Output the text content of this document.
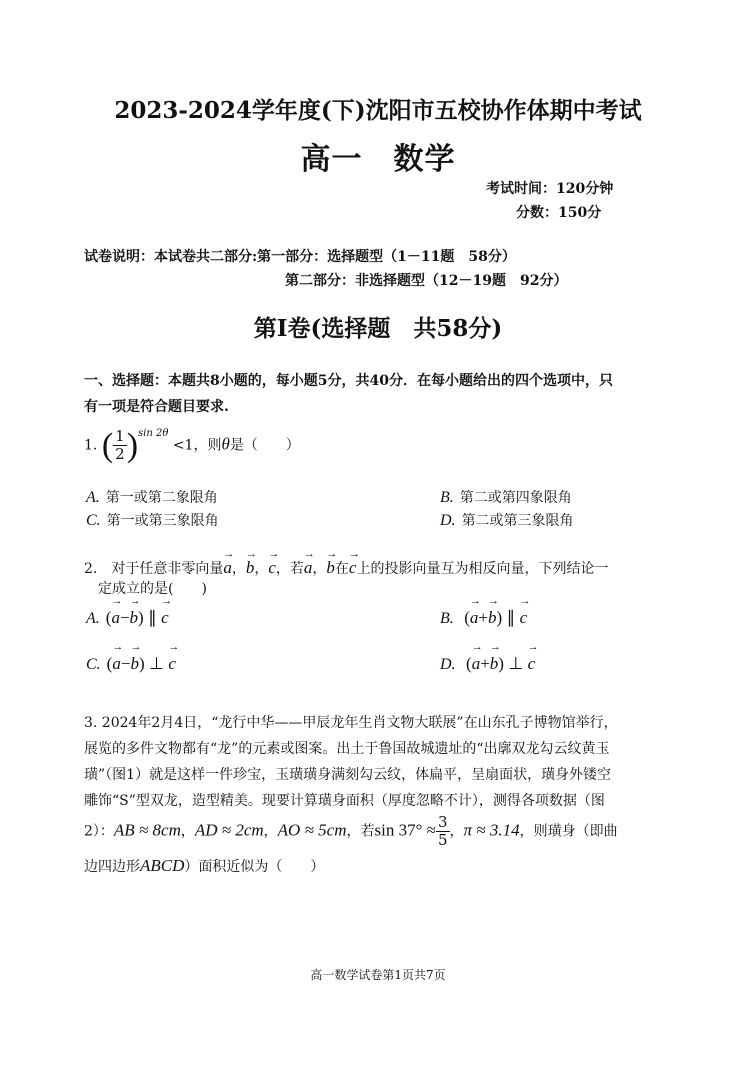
2023-2024学年度(下)沈阳市五校协作体期中考试
高一　数学
考试时间：120分钟
分数：150分
试卷说明：本试卷共二部分:第一部分：选择题型（1－11题　58分）
第二部分：非选择题型（12－19题　92分）
第Ⅰ卷(选择题　共58分)
一、选择题：本题共8小题的，每小题5分，共40分．在每小题给出的四个选项中，只
有一项是符合题目要求.
1. ( $\frac{1}{2} )^{sin 2\theta} <1$，则θ是（　　）
A. 第一或第二象限角	B. 第二或第四象限角
C. 第一或第三象限角	D. 第二或第三象限角
2.　对于任意非零向量→ a，→ b，→ c，若→ a，→ b在→ c上的投影向量互为相反向量，下列结论一
定成立的是(　　)
A. (→ a−→ b) ∥ → c	B. (→ a+→ b) ∥ → c
C. (→ a−→ b) ⊥ → c	D. (→ a+→ b) ⊥ → c
3. 2024年2月4日，“龙行中华——甲辰龙年生肖文物大联展”在山东孔子博物馆举行，
展览的多件文物都有“龙”的元素或图案。出土于鲁国故城遗址的“出廓双龙勾云纹黄玉
璜”（图1）就是这样一件珍宝，玉璜璜身满刻勾云纹，体扁平，呈扇面状，璜身外镂空
雕饰“S”型双龙，造型精美。现要计算璜身面积（厚度忽略不计），测得各项数据（图
2）：AB ≈ 8cm，AD ≈ 2cm，AO ≈ 5cm，若$\sin 37^\circ \approx \frac{3}{5}$ ，π ≈ 3.14，则璜身（即曲
边四边形ABCD）面积近似为（　　）
高一数学试卷第1页共7页
